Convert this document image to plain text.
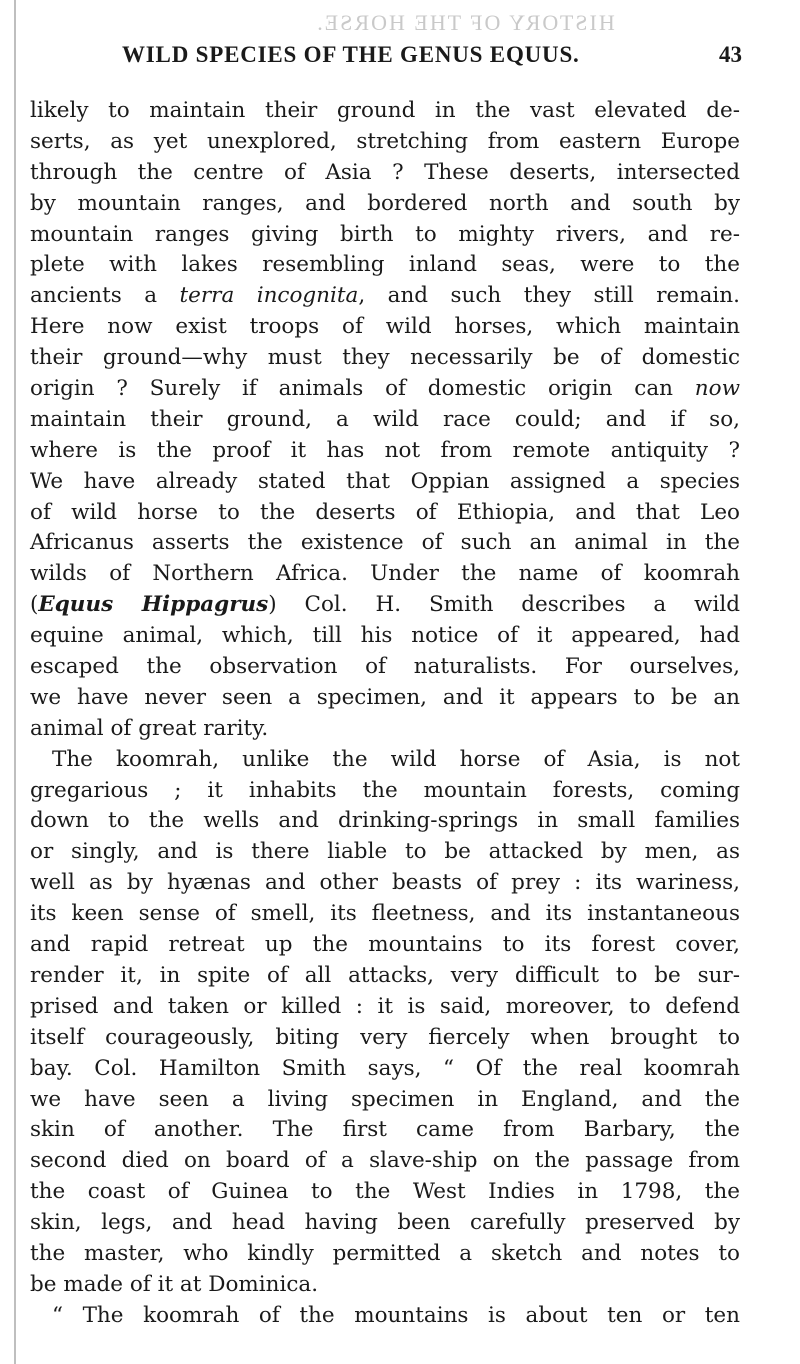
HISTORY OF THE HORSE.
WILD SPECIES OF THE GENUS EQUUS.	43
likely to maintain their ground in the vast elevated de-
serts, as yet unexplored, stretching from eastern Europe
through the centre of Asia ? These deserts, intersected
by mountain ranges, and bordered north and south by
mountain ranges giving birth to mighty rivers, and re-
plete with lakes resembling inland seas, were to the
ancients a terra incognita, and such they still remain.
Here now exist troops of wild horses, which maintain
their ground—why must they necessarily be of domestic
origin ? Surely if animals of domestic origin can now
maintain their ground, a wild race could; and if so,
where is the proof it has not from remote antiquity ?
We have already stated that Oppian assigned a species
of wild horse to the deserts of Ethiopia, and that Leo
Africanus asserts the existence of such an animal in the
wilds of Northern Africa. Under the name of koomrah
(Equus Hippagrus) Col. H. Smith describes a wild
equine animal, which, till his notice of it appeared, had
escaped the observation of naturalists. For ourselves,
we have never seen a specimen, and it appears to be an
animal of great rarity.
The koomrah, unlike the wild horse of Asia, is not
gregarious ; it inhabits the mountain forests, coming
down to the wells and drinking-springs in small families
or singly, and is there liable to be attacked by men, as
well as by hyænas and other beasts of prey : its wariness,
its keen sense of smell, its fleetness, and its instantaneous
and rapid retreat up the mountains to its forest cover,
render it, in spite of all attacks, very difficult to be sur-
prised and taken or killed : it is said, moreover, to defend
itself courageously, biting very fiercely when brought to
bay. Col. Hamilton Smith says, “ Of the real koomrah
we have seen a living specimen in England, and the
skin of another. The first came from Barbary, the
second died on board of a slave-ship on the passage from
the coast of Guinea to the West Indies in 1798, the
skin, legs, and head having been carefully preserved by
the master, who kindly permitted a sketch and notes to
be made of it at Dominica.
“ The koomrah of the mountains is about ten or ten
